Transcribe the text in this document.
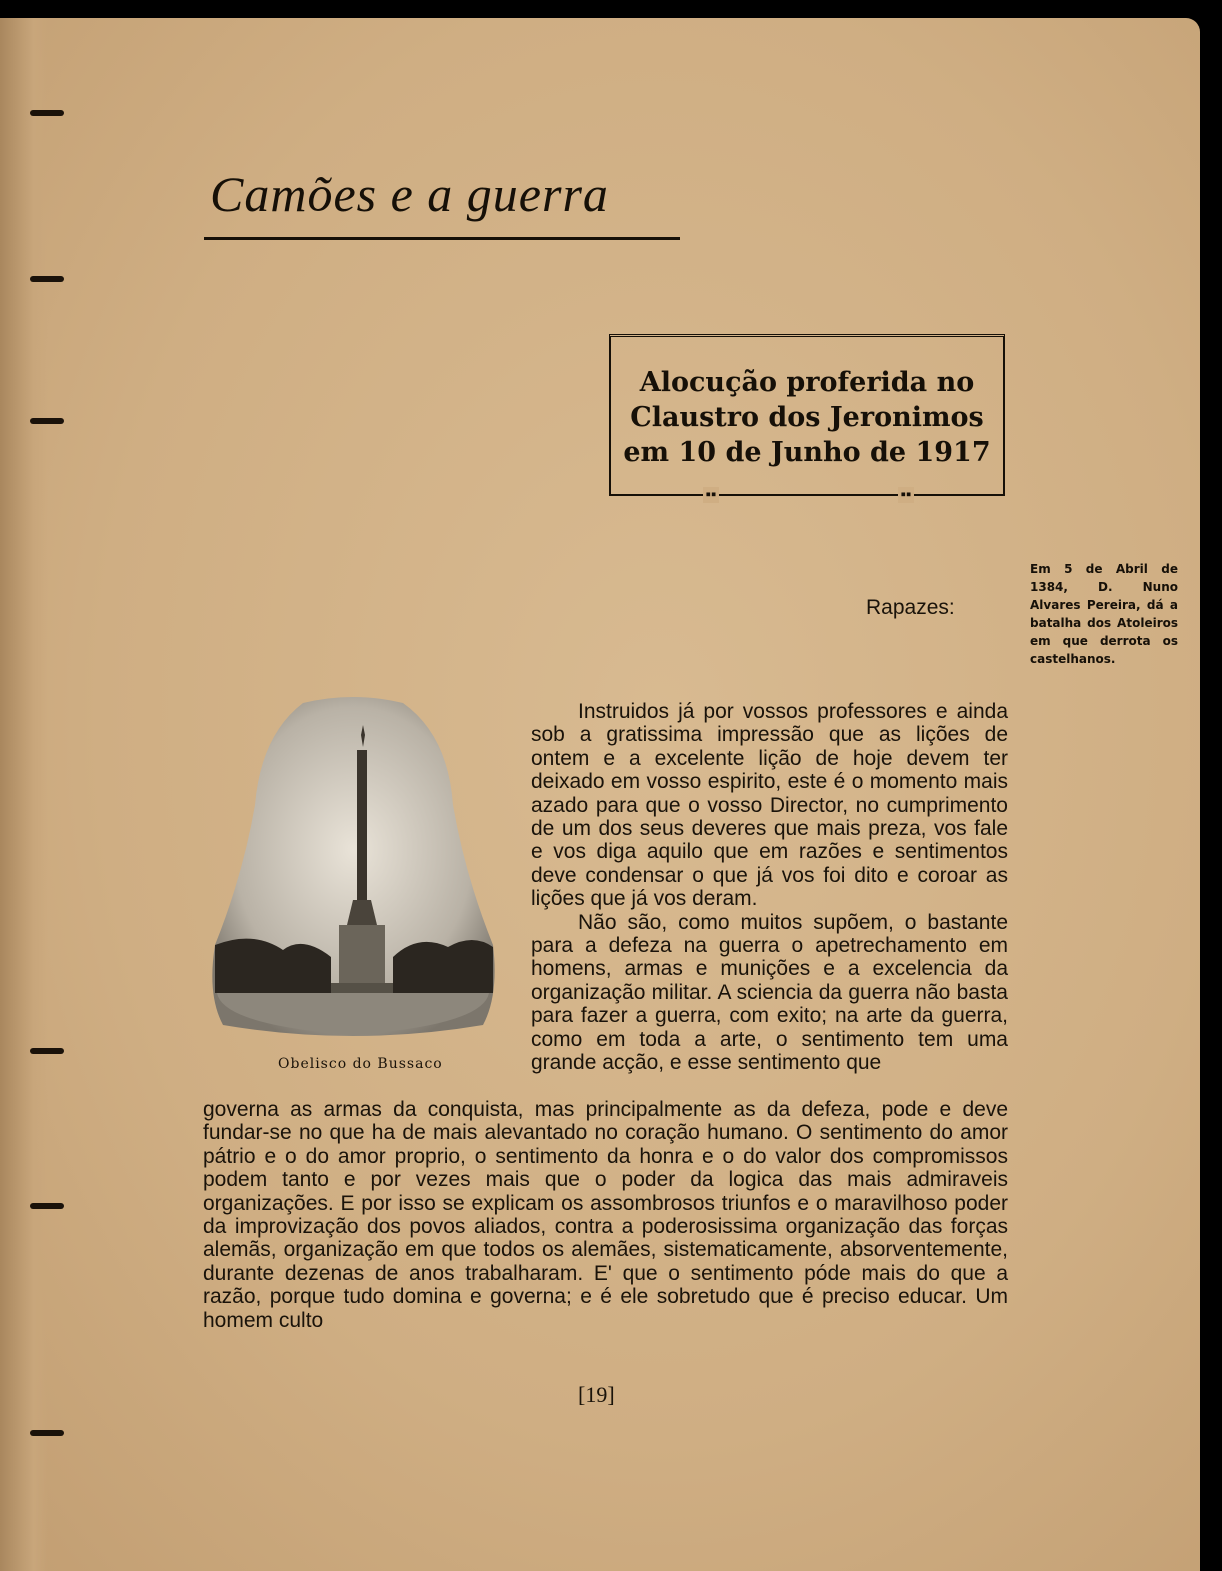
Camões e a guerra
Alocução proferida no
Claustro dos Jeronimos
em 10 de Junho de 1917
▪▪	▪▪
Em 5 de Abril de 1384, D. Nuno Alvares Pereira, dá a batalha dos Atoleiros em que derrota os castelhanos.
Rapazes:
Obelisco do Bussaco

Instruidos já por vossos professores e ainda sob a gratissima impressão que as lições de ontem e a excelente lição de hoje devem ter deixado em vosso espirito, este é o momento mais azado para que o vosso Director, no cumprimento de um dos seus deveres que mais preza, vos fale e vos diga aquilo que em razões e sentimentos deve condensar o que já vos foi dito e coroar as lições que já vos deram.

Não são, como muitos supõem, o bastante para a defeza na guerra o apetrechamento em homens, armas e munições e a excelencia da organização militar. A sciencia da guerra não basta para fazer a guerra, com exito; na arte da guerra, como em toda a arte, o sentimento tem uma grande acção, e esse sentimento que

governa as armas da conquista, mas principalmente as da defeza, pode e deve fundar-se no que ha de mais alevantado no coração humano. O sentimento do amor pátrio e o do amor proprio, o sentimento da honra e o do valor dos compromissos podem tanto e por vezes mais que o poder da logica das mais admiraveis organizações. E por isso se explicam os assombrosos triunfos e o maravilhoso poder da improvização dos povos aliados, contra a poderosissima organização das forças alemãs, organização em que todos os alemães, sistematicamente, absorventemente, durante dezenas de anos trabalharam. E' que o sentimento póde mais do que a razão, porque tudo domina e governa; e é ele sobretudo que é preciso educar. Um homem culto

[19]
